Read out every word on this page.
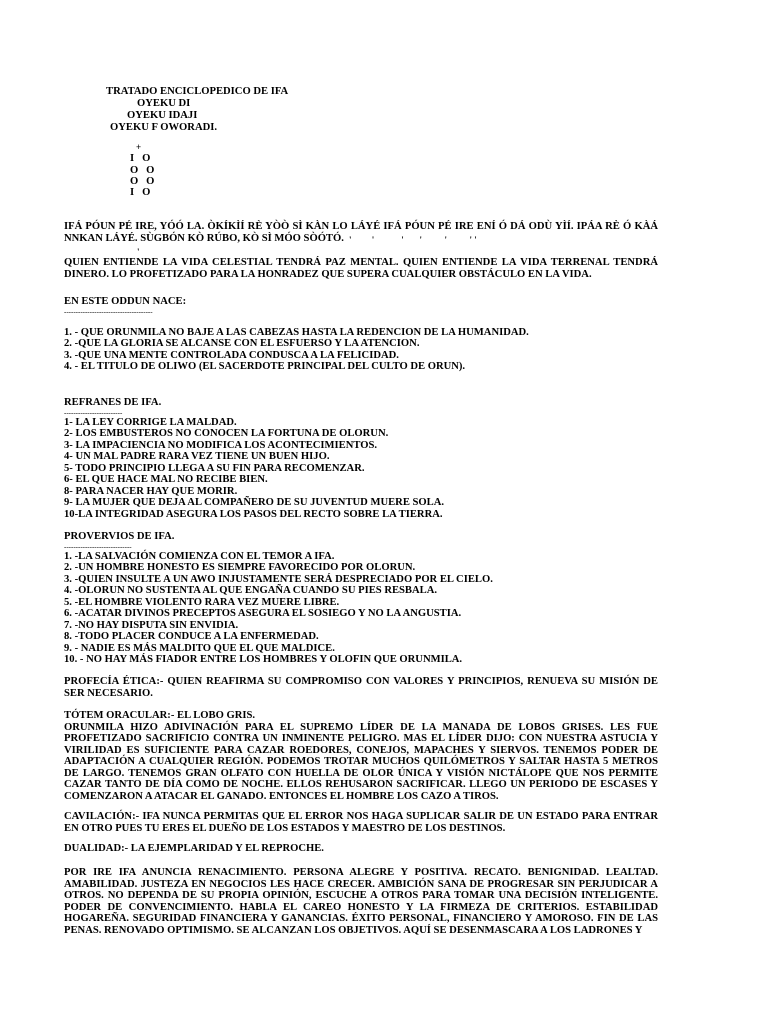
TRATADO ENCICLOPEDICO DE IFA
OYEKU DI
OYEKU IDAJI
OYEKU F OWORADI.
+
I   O
O   O
O   O
I   O
IFÁ PÓUN PÉ IRE, YÓÓ LA. ÒKÍKÌÍ RÈ YÒÒ SÌ KÀN LO LÁYÉ IFÁ PÓUN PÉ IRE ENÍ Ó DÁ ODÙ YÌÍ. IPÁA RÈ Ó KÀÁ NNKAN LÁYÉ. SÙGBÓN KÒ RÚBO, KÒ SÌ MÓO SÒÓTÓ. '         '            '       '          '          ' '
'
QUIEN ENTIENDE LA VIDA CELESTIAL TENDRÁ PAZ MENTAL. QUIEN ENTIENDE LA VIDA TERRENAL TENDRÁ DINERO. LO PROFETIZADO PARA LA HONRADEZ QUE SUPERA CUALQUIER OBSTÁCULO EN LA VIDA.
EN ESTE ODDUN NACE:
--------------------------------------
1. - QUE ORUNMILA NO BAJE A LAS CABEZAS HASTA LA REDENCION DE LA HUMANIDAD.
2. -QUE LA GLORIA SE ALCANSE CON EL ESFUERSO Y LA ATENCION.
3. -QUE UNA MENTE CONTROLADA CONDUSCA A LA FELICIDAD.
4. - EL TITULO DE OLIWO (EL SACERDOTE PRINCIPAL DEL CULTO DE ORUN).
REFRANES DE IFA.
-------------------------
1- LA LEY CORRIGE LA MALDAD.
2- LOS EMBUSTEROS NO CONOCEN LA FORTUNA DE OLORUN.
3- LA IMPACIENCIA NO MODIFICA LOS ACONTECIMIENTOS.
4- UN MAL PADRE RARA VEZ TIENE UN BUEN HIJO.
5- TODO PRINCIPIO LLEGA A SU FIN PARA RECOMENZAR.
6- EL QUE HACE MAL NO RECIBE BIEN.
8- PARA NACER HAY QUE MORIR.
9- LA MUJER QUE DEJA AL COMPAÑERO DE SU JUVENTUD MUERE SOLA.
10-LA INTEGRIDAD ASEGURA LOS PASOS DEL RECTO SOBRE LA TIERRA.
PROVERVIOS DE IFA.
-----------------------------
1. -LA SALVACIÓN COMIENZA CON EL TEMOR A IFA.
2. -UN HOMBRE HONESTO ES SIEMPRE FAVORECIDO POR OLORUN.
3. -QUIEN INSULTE A UN AWO INJUSTAMENTE SERÁ DESPRECIADO POR EL CIELO.
4. -OLORUN NO SUSTENTA AL QUE ENGAÑA CUANDO SU PIES RESBALA.
5. -EL HOMBRE VIOLENTO RARA VEZ MUERE LIBRE.
6. -ACATAR DIVINOS PRECEPTOS ASEGURA EL SOSIEGO Y NO LA ANGUSTIA.
7. -NO HAY DISPUTA SIN ENVIDIA.
8. -TODO PLACER CONDUCE A LA ENFERMEDAD.
9. - NADIE ES MÁS MALDITO QUE EL QUE MALDICE.
10. - NO HAY MÁS FIADOR ENTRE LOS HOMBRES Y OLOFIN QUE ORUNMILA.
PROFECÍA ÉTICA:- QUIEN REAFIRMA SU COMPROMISO CON VALORES Y PRINCIPIOS, RENUEVA SU MISIÓN DE SER NECESARIO.
TÓTEM ORACULAR:- EL LOBO GRIS.
ORUNMILA HIZO ADIVINACIÓN PARA EL SUPREMO LÍDER DE LA MANADA DE LOBOS GRISES. LES FUE PROFETIZADO SACRIFICIO CONTRA UN INMINENTE PELIGRO. MAS EL LÍDER DIJO: CON NUESTRA ASTUCIA Y VIRILIDAD ES SUFICIENTE PARA CAZAR ROEDORES, CONEJOS, MAPACHES Y SIERVOS. TENEMOS PODER DE ADAPTACIÓN A CUALQUIER REGIÓN. PODEMOS TROTAR MUCHOS QUILÓMETROS Y SALTAR HASTA 5 METROS DE LARGO. TENEMOS GRAN OLFATO CON HUELLA DE OLOR ÚNICA Y VISIÓN NICTÁLOPE QUE NOS PERMITE CAZAR TANTO DE DÍA COMO DE NOCHE. ELLOS REHUSARON SACRIFICAR. LLEGO UN PERIODO DE ESCASES Y COMENZARON A ATACAR EL GANADO. ENTONCES EL HOMBRE LOS CAZO A TIROS.
CAVILACIÓN:- IFA NUNCA PERMITAS QUE EL ERROR NOS HAGA SUPLICAR SALIR DE UN ESTADO PARA ENTRAR EN OTRO PUES TU ERES EL DUEÑO DE LOS ESTADOS Y MAESTRO DE LOS DESTINOS.
DUALIDAD:- LA EJEMPLARIDAD Y EL REPROCHE.
POR IRE IFA ANUNCIA RENACIMIENTO. PERSONA ALEGRE Y POSITIVA. RECATO. BENIGNIDAD. LEALTAD. AMABILIDAD. JUSTEZA EN NEGOCIOS LES HACE CRECER. AMBICIÓN SANA DE PROGRESAR SIN PERJUDICAR A OTROS. NO DEPENDA DE SU PROPIA OPINIÓN, ESCUCHE A OTROS PARA TOMAR UNA DECISIÓN INTELIGENTE. PODER DE CONVENCIMIENTO. HABLA EL CAREO HONESTO Y LA FIRMEZA DE CRITERIOS. ESTABILIDAD HOGAREÑA. SEGURIDAD FINANCIERA Y GANANCIAS. ÉXITO PERSONAL, FINANCIERO Y AMOROSO. FIN DE LAS PENAS. RENOVADO OPTIMISMO. SE ALCANZAN LOS OBJETIVOS. AQUÍ SE DESENMASCARA A LOS LADRONES Y
